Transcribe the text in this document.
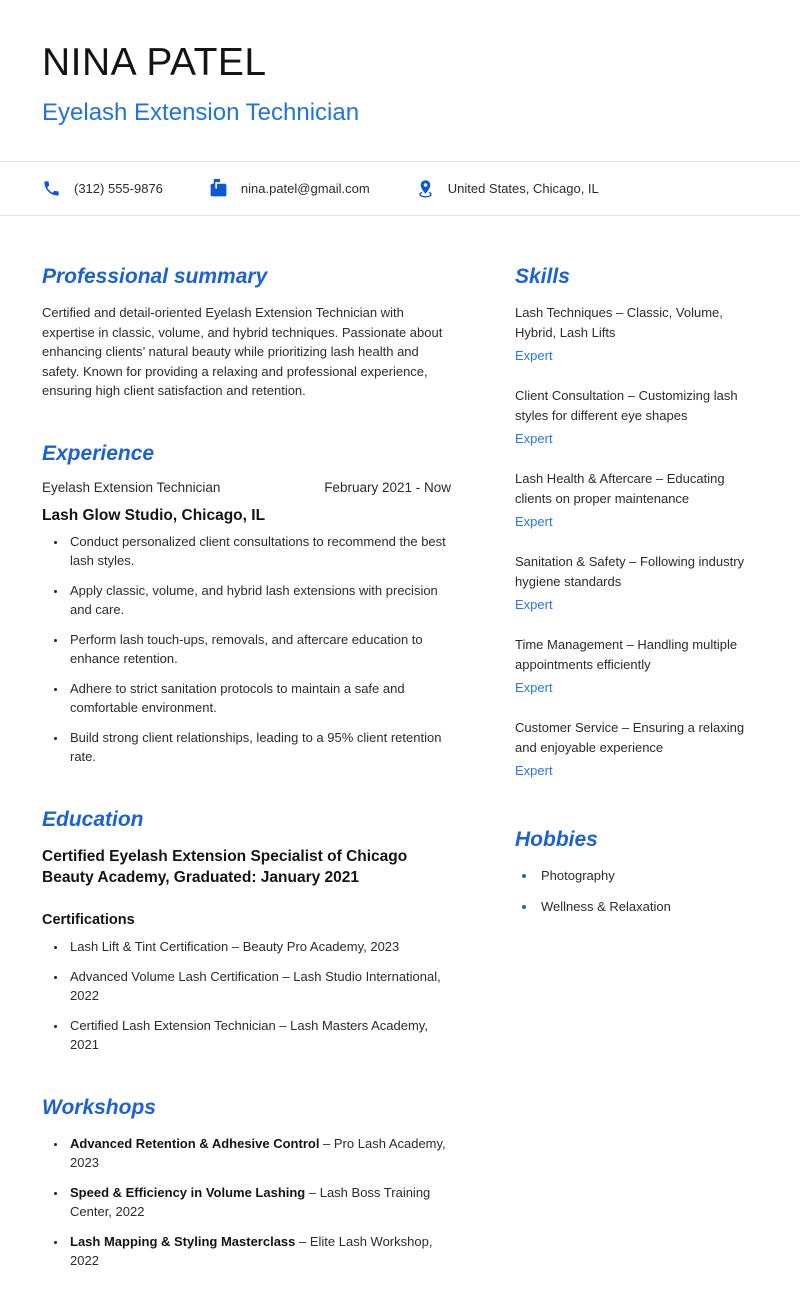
NINA PATEL
Eyelash Extension Technician
(312) 555-9876	nina.patel@gmail.com	United States, Chicago, IL
Professional summary

Certified and detail-oriented Eyelash Extension Technician with expertise in classic, volume, and hybrid techniques. Passionate about enhancing clients’ natural beauty while prioritizing lash health and safety. Known for providing a relaxing and professional experience, ensuring high client satisfaction and retention.

Experience
Eyelash Extension Technician	February 2021 - Now
Lash Glow Studio, Chicago, IL
• Conduct personalized client consultations to recommend the best lash styles.
• Apply classic, volume, and hybrid lash extensions with precision and care.
• Perform lash touch-ups, removals, and aftercare education to enhance retention.
• Adhere to strict sanitation protocols to maintain a safe and comfortable environment.
• Build strong client relationships, leading to a 95% client retention rate.
Education
Certified Eyelash Extension Specialist of Chicago Beauty Academy, Graduated: January 2021
Certifications
• Lash Lift & Tint Certification – Beauty Pro Academy, 2023
• Advanced Volume Lash Certification – Lash Studio International, 2022
• Certified Lash Extension Technician – Lash Masters Academy, 2021
Workshops
• Advanced Retention & Adhesive Control – Pro Lash Academy, 2023
• Speed & Efficiency in Volume Lashing – Lash Boss Training Center, 2022
• Lash Mapping & Styling Masterclass – Elite Lash Workshop, 2022
Skills
Lash Techniques – Classic, Volume, Hybrid, Lash Lifts
Expert
Client Consultation – Customizing lash styles for different eye shapes
Expert
Lash Health & Aftercare – Educating clients on proper maintenance
Expert
Sanitation & Safety – Following industry hygiene standards
Expert
Time Management – Handling multiple appointments efficiently
Expert
Customer Service – Ensuring a relaxing and enjoyable experience
Expert
Hobbies
• Photography
• Wellness & Relaxation
